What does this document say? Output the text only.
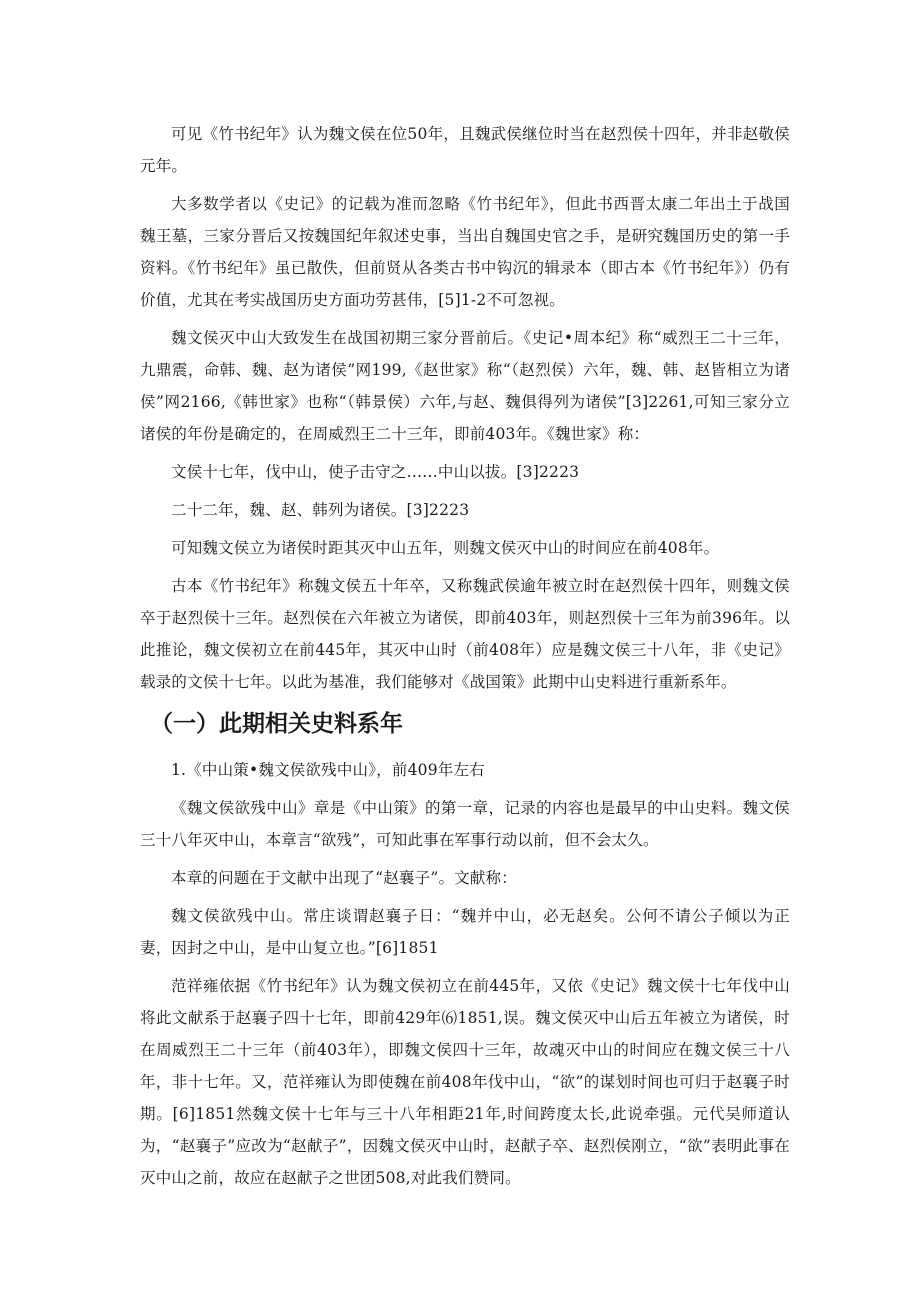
可见《竹书纪年》认为魏文侯在位50年，且魏武侯继位时当在赵烈侯十四年，并非赵敬侯元年。

大多数学者以《史记》的记载为准而忽略《竹书纪年》，但此书西晋太康二年出土于战国魏王墓，三家分晋后又按魏国纪年叙述史事，当出自魏国史官之手，是研究魏国历史的第一手资料。《竹书纪年》虽已散佚，但前贤从各类古书中钩沉的辑录本（即古本《竹书纪年》）仍有价值，尤其在考实战国历史方面功劳甚伟，[5]1-2不可忽视。

魏文侯灭中山大致发生在战国初期三家分晋前后。《史记•周本纪》称“威烈王二十三年，九鼎震，命韩、魏、赵为诸侯”网199,《赵世家》称“（赵烈侯）六年，魏、韩、赵皆相立为诸侯”网2166,《韩世家》也称“（韩景侯）六年,与赵、魏俱得列为诸侯”[3]2261,可知三家分立诸侯的年份是确定的，在周威烈王二十三年，即前403年。《魏世家》称：

文侯十七年，伐中山，使子击守之……中山以拔。[3]2223

二十二年，魏、赵、韩列为诸侯。[3]2223

可知魏文侯立为诸侯时距其灭中山五年，则魏文侯灭中山的时间应在前408年。

古本《竹书纪年》称魏文侯五十年卒，又称魏武侯逾年被立时在赵烈侯十四年，则魏文侯卒于赵烈侯十三年。赵烈侯在六年被立为诸侯，即前403年，则赵烈侯十三年为前396年。以此推论，魏文侯初立在前445年，其灭中山时（前408年）应是魏文侯三十八年，非《史记》载录的文侯十七年。以此为基准，我们能够对《战国策》此期中山史料进行重新系年。

（一）此期相关史料系年

1.《中山策•魏文侯欲残中山》，前409年左右

《魏文侯欲残中山》章是《中山策》的第一章，记录的内容也是最早的中山史料。魏文侯三十八年灭中山，本章言“欲残”，可知此事在军事行动以前，但不会太久。

本章的问题在于文献中出现了“赵襄子”。文献称：

魏文侯欲残中山。常庄谈谓赵襄子日：“魏并中山，必无赵矣。公何不请公子倾以为正妻，因封之中山，是中山复立也。”[6]1851

范祥雍依据《竹书纪年》认为魏文侯初立在前445年，又依《史记》魏文侯十七年伐中山将此文献系于赵襄子四十七年，即前429年⑹1851,误。魏文侯灭中山后五年被立为诸侯，时在周威烈王二十三年（前403年），即魏文侯四十三年，故魂灭中山的时间应在魏文侯三十八年，非十七年。又，范祥雍认为即使魏在前408年伐中山，“欲”的谋划时间也可归于赵襄子时期。[6]1851然魏文侯十七年与三十八年相距21年,时间跨度太长,此说牵强。元代吴师道认为，“赵襄子”应改为“赵献子”，因魏文侯灭中山时，赵献子卒、赵烈侯刚立，“欲”表明此事在灭中山之前，故应在赵献子之世团508,对此我们赞同。
